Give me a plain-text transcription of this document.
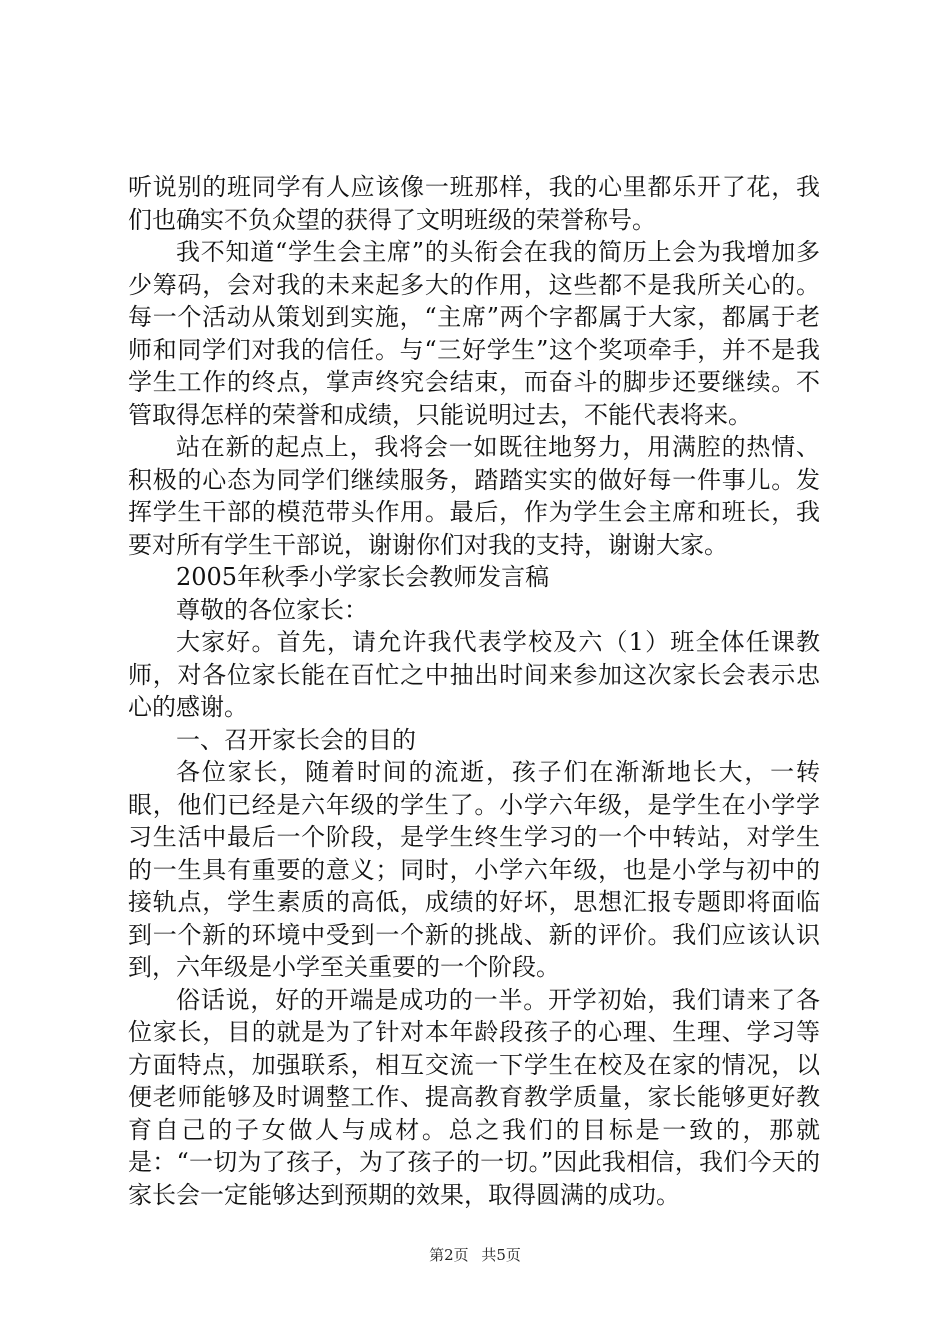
听说别的班同学有人应该像一班那样，我的心里都乐开了花，我们也确实不负众望的获得了文明班级的荣誉称号。

我不知道“学生会主席”的头衔会在我的简历上会为我增加多少筹码，会对我的未来起多大的作用，这些都不是我所关心的。每一个活动从策划到实施，“主席”两个字都属于大家，都属于老师和同学们对我的信任。与“三好学生”这个奖项牵手，并不是我学生工作的终点，掌声终究会结束，而奋斗的脚步还要继续。不管取得怎样的荣誉和成绩，只能说明过去，不能代表将来。

站在新的起点上，我将会一如既往地努力，用满腔的热情、积极的心态为同学们继续服务，踏踏实实的做好每一件事儿。发挥学生干部的模范带头作用。最后，作为学生会主席和班长，我要对所有学生干部说，谢谢你们对我的支持，谢谢大家。

2005年秋季小学家长会教师发言稿

尊敬的各位家长：

大家好。首先，请允许我代表学校及六（1）班全体任课教师，对各位家长能在百忙之中抽出时间来参加这次家长会表示忠心的感谢。

一、召开家长会的目的

各位家长，随着时间的流逝，孩子们在渐渐地长大，一转眼，他们已经是六年级的学生了。小学六年级，是学生在小学学习生活中最后一个阶段，是学生终生学习的一个中转站，对学生的一生具有重要的意义；同时，小学六年级，也是小学与初中的接轨点，学生素质的高低，成绩的好坏，思想汇报专题即将面临到一个新的环境中受到一个新的挑战、新的评价。我们应该认识到，六年级是小学至关重要的一个阶段。

俗话说，好的开端是成功的一半。开学初始，我们请来了各位家长，目的就是为了针对本年龄段孩子的心理、生理、学习等方面特点，加强联系，相互交流一下学生在校及在家的情况，以便老师能够及时调整工作、提高教育教学质量，家长能够更好教育自己的子女做人与成材。总之我们的目标是一致的，那就是：“一切为了孩子，为了孩子的一切。”因此我相信，我们今天的家长会一定能够达到预期的效果，取得圆满的成功。

第2页 共5页
